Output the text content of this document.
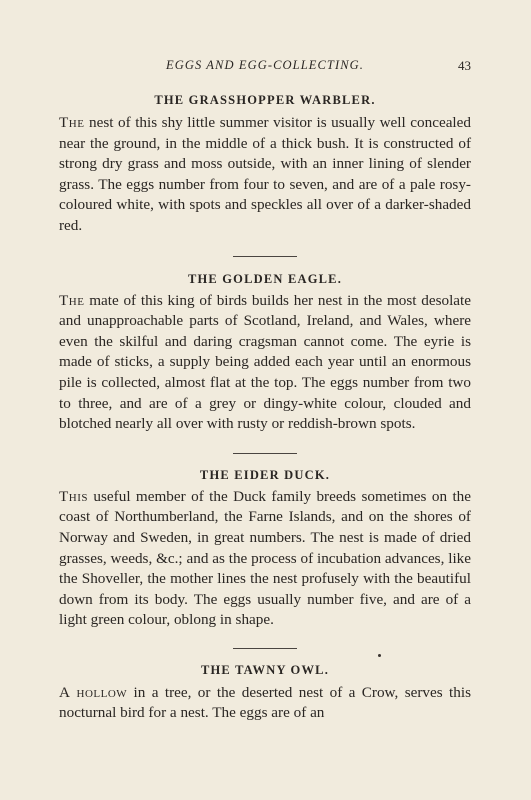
EGGS AND EGG-COLLECTING.	43
THE GRASSHOPPER WARBLER.

The nest of this shy little summer visitor is usually well concealed near the ground, in the middle of a thick bush. It is constructed of strong dry grass and moss outside, with an inner lining of slender grass. The eggs number from four to seven, and are of a pale rosy-coloured white, with spots and speckles all over of a darker-shaded red.

THE GOLDEN EAGLE.

The mate of this king of birds builds her nest in the most desolate and unapproachable parts of Scotland, Ireland, and Wales, where even the skilful and daring cragsman cannot come. The eyrie is made of sticks, a supply being added each year until an enormous pile is collected, almost flat at the top. The eggs number from two to three, and are of a grey or dingy-white colour, clouded and blotched nearly all over with rusty or reddish-brown spots.

THE EIDER DUCK.

This useful member of the Duck family breeds sometimes on the coast of Northumberland, the Farne Islands, and on the shores of Norway and Sweden, in great numbers. The nest is made of dried grasses, weeds, &c.; and as the process of incubation advances, like the Shoveller, the mother lines the nest profusely with the beautiful down from its body. The eggs usually number five, and are of a light green colour, oblong in shape.

THE TAWNY OWL.

A hollow in a tree, or the deserted nest of a Crow, serves this nocturnal bird for a nest. The eggs are of an
